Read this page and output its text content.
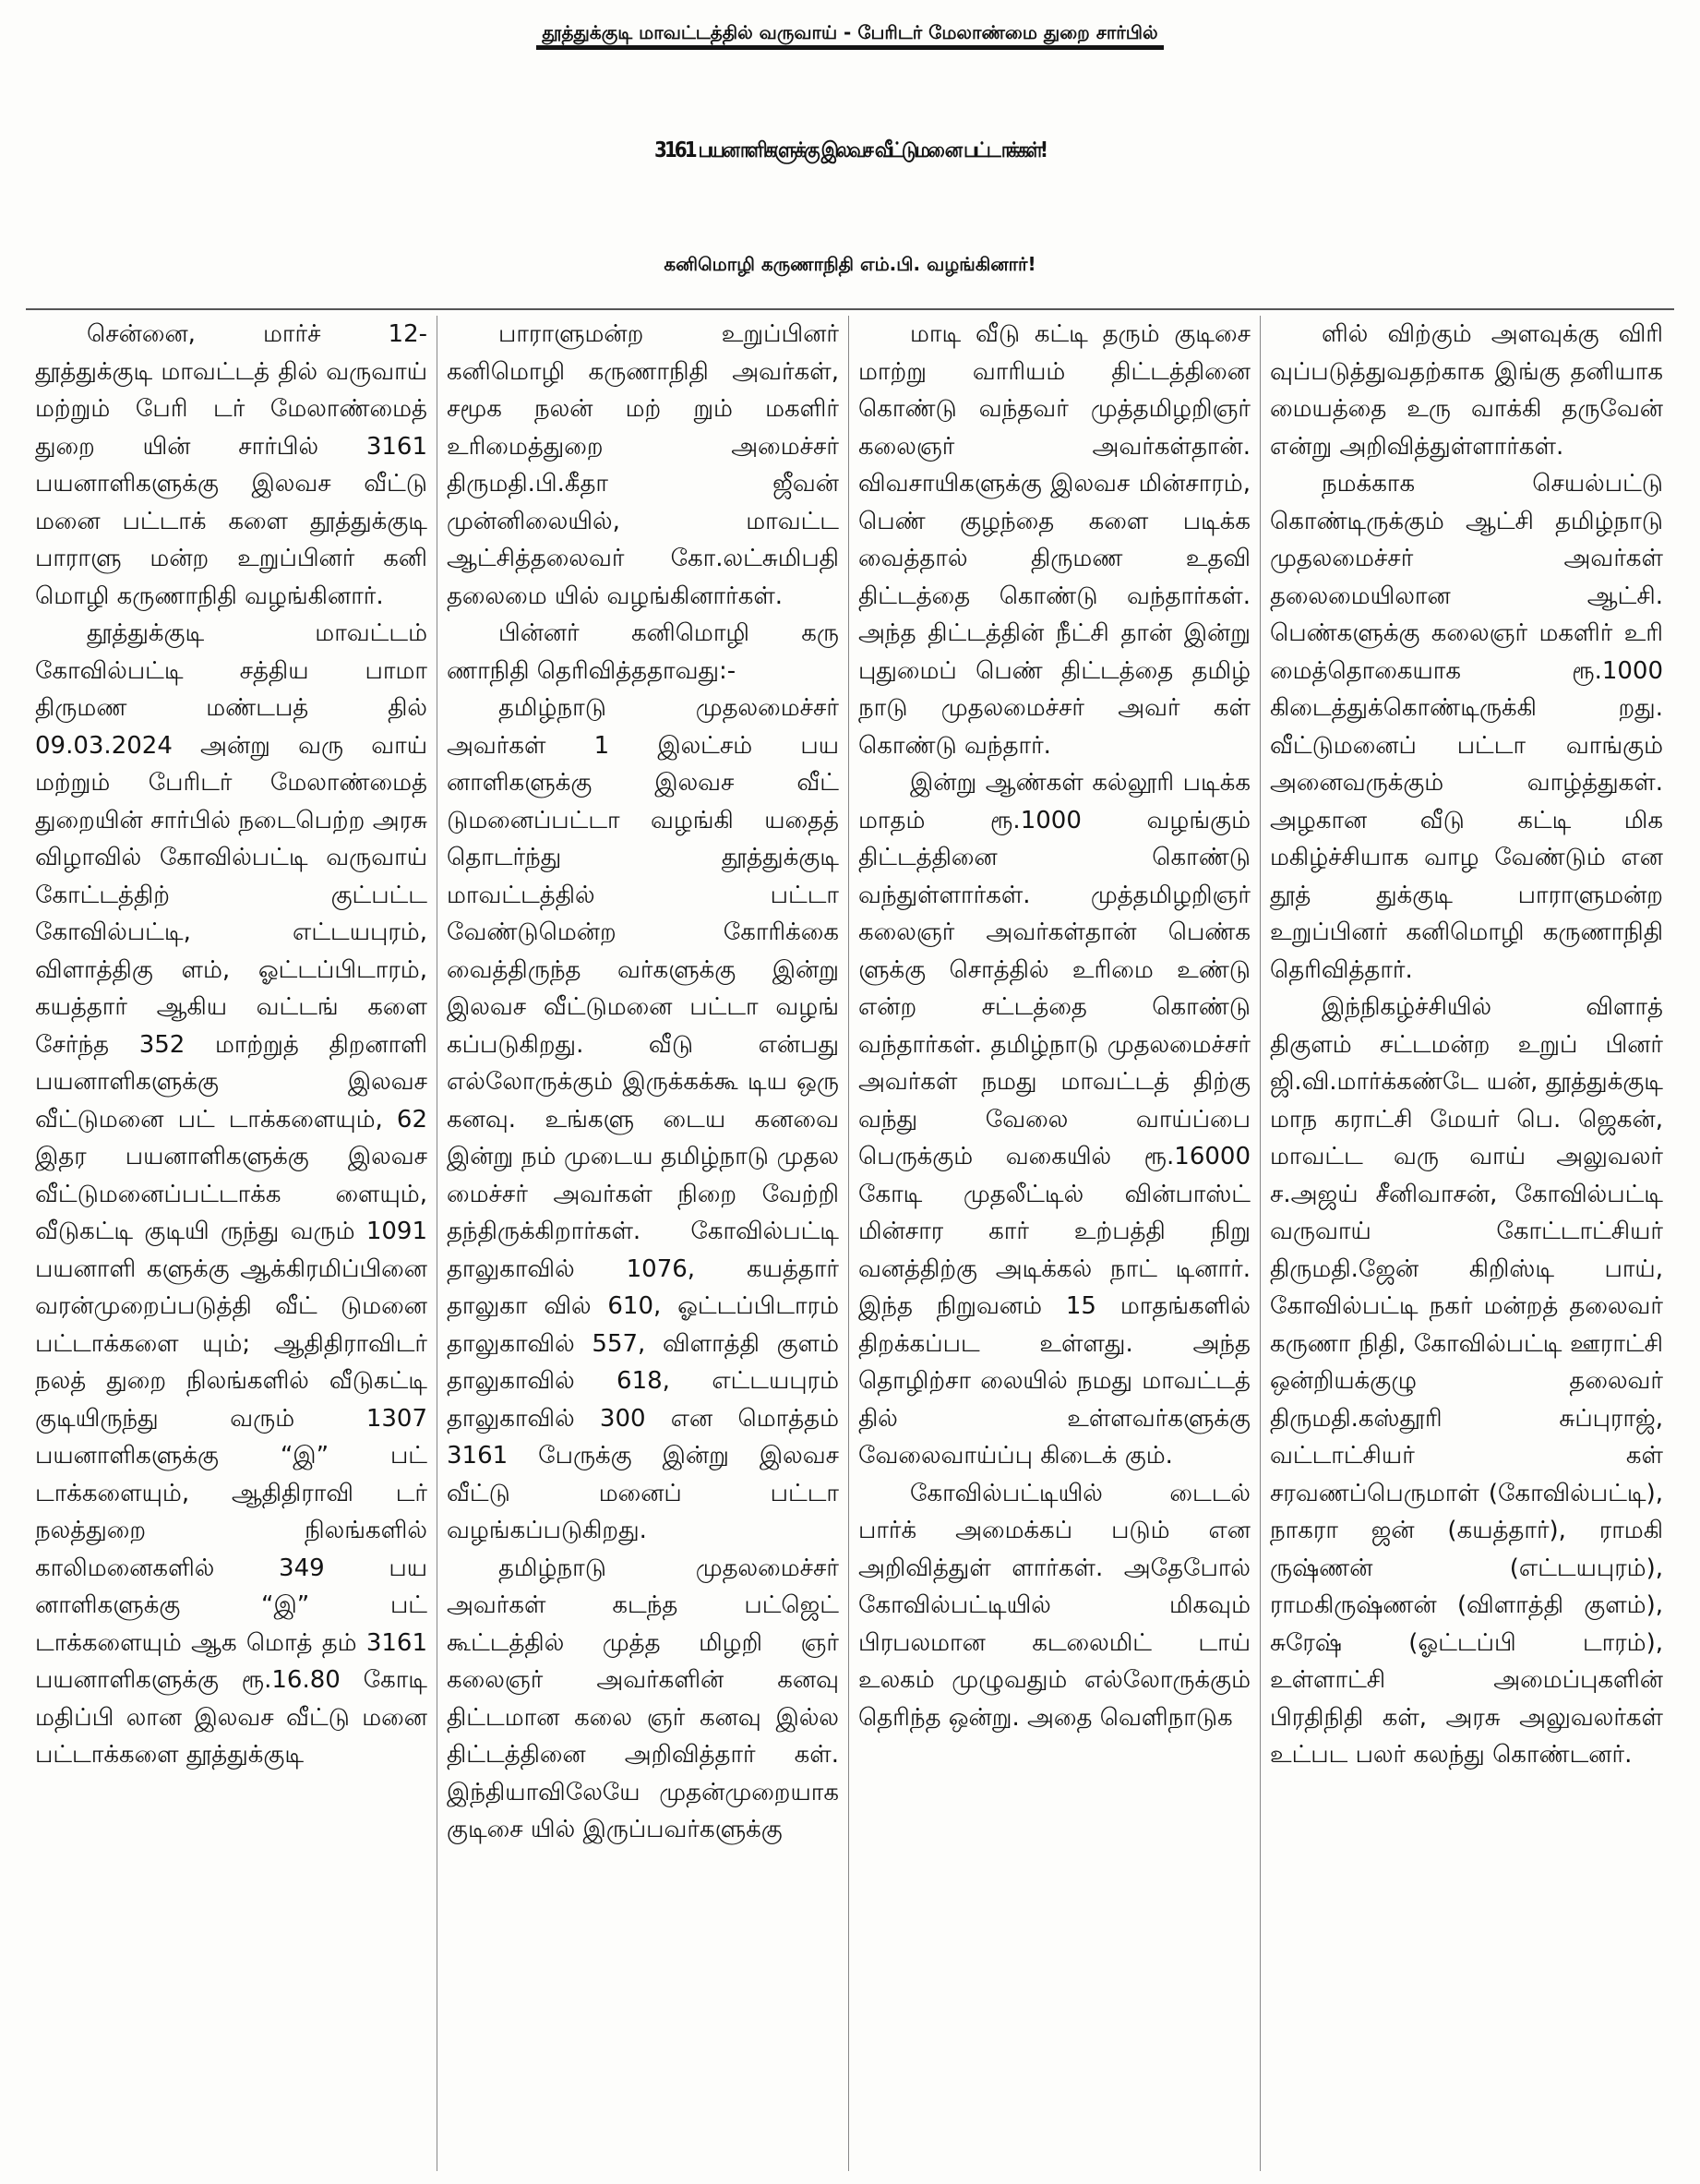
தூத்துக்குடி மாவட்டத்தில் வருவாய் - பேரிடர் மேலாண்மை துறை சார்பில்
3161 பயனாளிகளுக்கு இலவச வீட்டுமனை பட்டாக்கள்!
கனிமொழி கருணாநிதி எம்.பி. வழங்கினார்!

சென்னை, மார்ச் 12- தூத்துக்குடி மாவட்டத் தில் வருவாய் மற்றும் பேரி டர் மேலாண்மைத் துறை யின் சார்பில் 3161 பயனாளிகளுக்கு இலவச வீட்டு மனை பட்டாக் களை தூத்துக்குடி பாராளு மன்ற உறுப்பினர் கனி மொழி கருணாநிதி வழங்கினார்.

தூத்துக்குடி மாவட்டம் கோவில்பட்டி சத்திய பாமா திருமண மண்டபத் தில் 09.03.2024 அன்று வரு வாய் மற்றும் பேரிடர் மேலாண்மைத் துறையின் சார்பில் நடைபெற்ற அரசு விழாவில் கோவில்பட்டி வருவாய் கோட்டத்திற் குட்பட்ட கோவில்பட்டி, எட்டயபுரம், விளாத்திகு ளம், ஓட்டப்பிடாரம், கயத்தார் ஆகிய வட்டங் களை சேர்ந்த 352 மாற்றுத் திறனாளி பயனாளிகளுக்கு இலவச வீட்டுமனை பட் டாக்களையும், 62 இதர பயனாளிகளுக்கு இலவச வீட்டுமனைப்பட்டாக்க ளையும், வீடுகட்டி குடியி ருந்து வரும் 1091 பயனாளி களுக்கு ஆக்கிரமிப்பினை வரன்முறைப்படுத்தி வீட் டுமனை பட்டாக்களை யும்; ஆதிதிராவிடர் நலத் துறை நிலங்களில் வீடுகட்டி குடியிருந்து வரும் 1307 பயனாளிகளுக்கு “இ” பட் டாக்களையும், ஆதிதிராவி டர் நலத்துறை நிலங்களில் காலிமனைகளில் 349 பய னாளிகளுக்கு “இ” பட் டாக்களையும் ஆக மொத் தம் 3161 பயனாளிகளுக்கு ரூ.16.80 கோடி மதிப்பி லான இலவச வீட்டு மனை பட்டாக்களை தூத்துக்குடி

பாராளுமன்ற உறுப்பினர் கனிமொழி கருணாநிதி அவர்கள், சமூக நலன் மற் றும் மகளிர் உரிமைத்துறை அமைச்சர் திருமதி.பி.கீதா ஜீவன் முன்னிலையில், மாவட்ட ஆட்சித்தலைவர் கோ.லட்சுமிபதி தலைமை யில் வழங்கினார்கள்.

பின்னர் கனிமொழி கரு ணாநிதி தெரிவித்ததாவது:-

தமிழ்நாடு முதலமைச்சர் அவர்கள் 1 இலட்சம் பய னாளிகளுக்கு இலவச வீட் டுமனைப்பட்டா வழங்கி யதைத் தொடர்ந்து தூத்துக்குடி மாவட்டத்தில் பட்டா வேண்டுமென்ற கோரிக்கை வைத்திருந்த வர்களுக்கு இன்று இலவச வீட்டுமனை பட்டா வழங் கப்படுகிறது. வீடு என்பது எல்லோருக்கும் இருக்கக்கூ டிய ஒரு கனவு. உங்களு டைய கனவை இன்று நம் முடைய தமிழ்நாடு முதல மைச்சர் அவர்கள் நிறை வேற்றி தந்திருக்கிறார்கள். கோவில்பட்டி தாலுகாவில் 1076, கயத்தார் தாலுகா வில் 610, ஓட்டப்பிடாரம் தாலுகாவில் 557, விளாத்தி குளம் தாலுகாவில் 618, எட்டயபுரம் தாலுகாவில் 300 என மொத்தம் 3161 பேருக்கு இன்று இலவச வீட்டு மனைப் பட்டா வழங்கப்படுகிறது.

தமிழ்நாடு முதலமைச்சர் அவர்கள் கடந்த பட்ஜெட் கூட்டத்தில் முத்த மிழறி ஞர் கலைஞர் அவர்களின் கனவு திட்டமான கலை ஞர் கனவு இல்ல திட்டத்தினை அறிவித்தார் கள். இந்தியாவிலேயே முதன்முறையாக குடிசை யில் இருப்பவர்களுக்கு

மாடி வீடு கட்டி தரும் குடிசை மாற்று வாரியம் திட்டத்தினை கொண்டு வந்தவர் முத்தமிழறிஞர் கலைஞர் அவர்கள்தான். விவசாயிகளுக்கு இலவச மின்சாரம், பெண் குழந்தை களை படிக்க வைத்தால் திருமண உதவி திட்டத்தை கொண்டு வந்தார்கள். அந்த திட்டத்தின் நீட்சி தான் இன்று புதுமைப் பெண் திட்டத்தை தமிழ் நாடு முதலமைச்சர் அவர் கள் கொண்டு வந்தார்.

இன்று ஆண்கள் கல்லூரி படிக்க மாதம் ரூ.1000 வழங்கும் திட்டத்தினை கொண்டு வந்துள்ளார்கள். முத்தமிழறிஞர் கலைஞர் அவர்கள்தான் பெண்க ளுக்கு சொத்தில் உரிமை உண்டு என்ற சட்டத்தை கொண்டு வந்தார்கள். தமிழ்நாடு முதலமைச்சர் அவர்கள் நமது மாவட்டத் திற்கு வந்து வேலை வாய்ப்பை பெருக்கும் வகையில் ரூ.16000 கோடி முதலீட்டில் வின்பாஸ்ட் மின்சார கார் உற்பத்தி நிறு வனத்திற்கு அடிக்கல் நாட் டினார். இந்த நிறுவனம் 15 மாதங்களில் திறக்கப்பட உள்ளது. அந்த தொழிற்சா லையில் நமது மாவட்டத் தில் உள்ளவர்களுக்கு வேலைவாய்ப்பு கிடைக் கும்.

கோவில்பட்டியில் டைடல் பார்க் அமைக்கப் படும் என அறிவித்துள் ளார்கள். அதேபோல் கோவில்பட்டியில் மிகவும் பிரபலமான கடலைமிட் டாய் உலகம் முழுவதும் எல்லோருக்கும் தெரிந்த ஒன்று. அதை வெளிநாடுக

ளில் விற்கும் அளவுக்கு விரி வுப்படுத்துவதற்காக இங்கு தனியாக மையத்தை உரு வாக்கி தருவேன் என்று அறிவித்துள்ளார்கள்.

நமக்காக செயல்பட்டு கொண்டிருக்கும் ஆட்சி தமிழ்நாடு முதலமைச்சர் அவர்கள் தலைமையிலான ஆட்சி. பெண்களுக்கு கலைஞர் மகளிர் உரி மைத்தொகையாக ரூ.1000 கிடைத்துக்கொண்டிருக்கி றது. வீட்டுமனைப் பட்டா வாங்கும் அனைவருக்கும் வாழ்த்துகள். அழகான வீடு கட்டி மிக மகிழ்ச்சியாக வாழ வேண்டும் என தூத் துக்குடி பாராளுமன்ற உறுப்பினர் கனிமொழி கருணாநிதி தெரிவித்தார்.

இந்நிகழ்ச்சியில் விளாத் திகுளம் சட்டமன்ற உறுப் பினர் ஜி.வி.மார்க்கண்டே யன், தூத்துக்குடி மாந கராட்சி மேயர் பெ. ஜெகன், மாவட்ட வரு வாய் அலுவலர் ச.அஜய் சீனிவாசன், கோவில்பட்டி வருவாய் கோட்டாட்சியர் திருமதி.ஜேன் கிறிஸ்டி பாய், கோவில்பட்டி நகர் மன்றத் தலைவர் கருணா நிதி, கோவில்பட்டி ஊராட்சி ஒன்றியக்குழு தலைவர் திருமதி.கஸ்தூரி சுப்புராஜ், வட்டாட்சியர் கள் சரவணப்பெருமாள் (கோவில்பட்டி), நாகரா ஜன் (கயத்தார்), ராமகி ருஷ்ணன் (எட்டயபுரம்), ராமகிருஷ்ணன் (விளாத்தி குளம்), சுரேஷ் (ஓட்டப்பி டாரம்), உள்ளாட்சி அமைப்புகளின் பிரதிநிதி கள், அரசு அலுவலர்கள் உட்பட பலர் கலந்து கொண்டனர்.
